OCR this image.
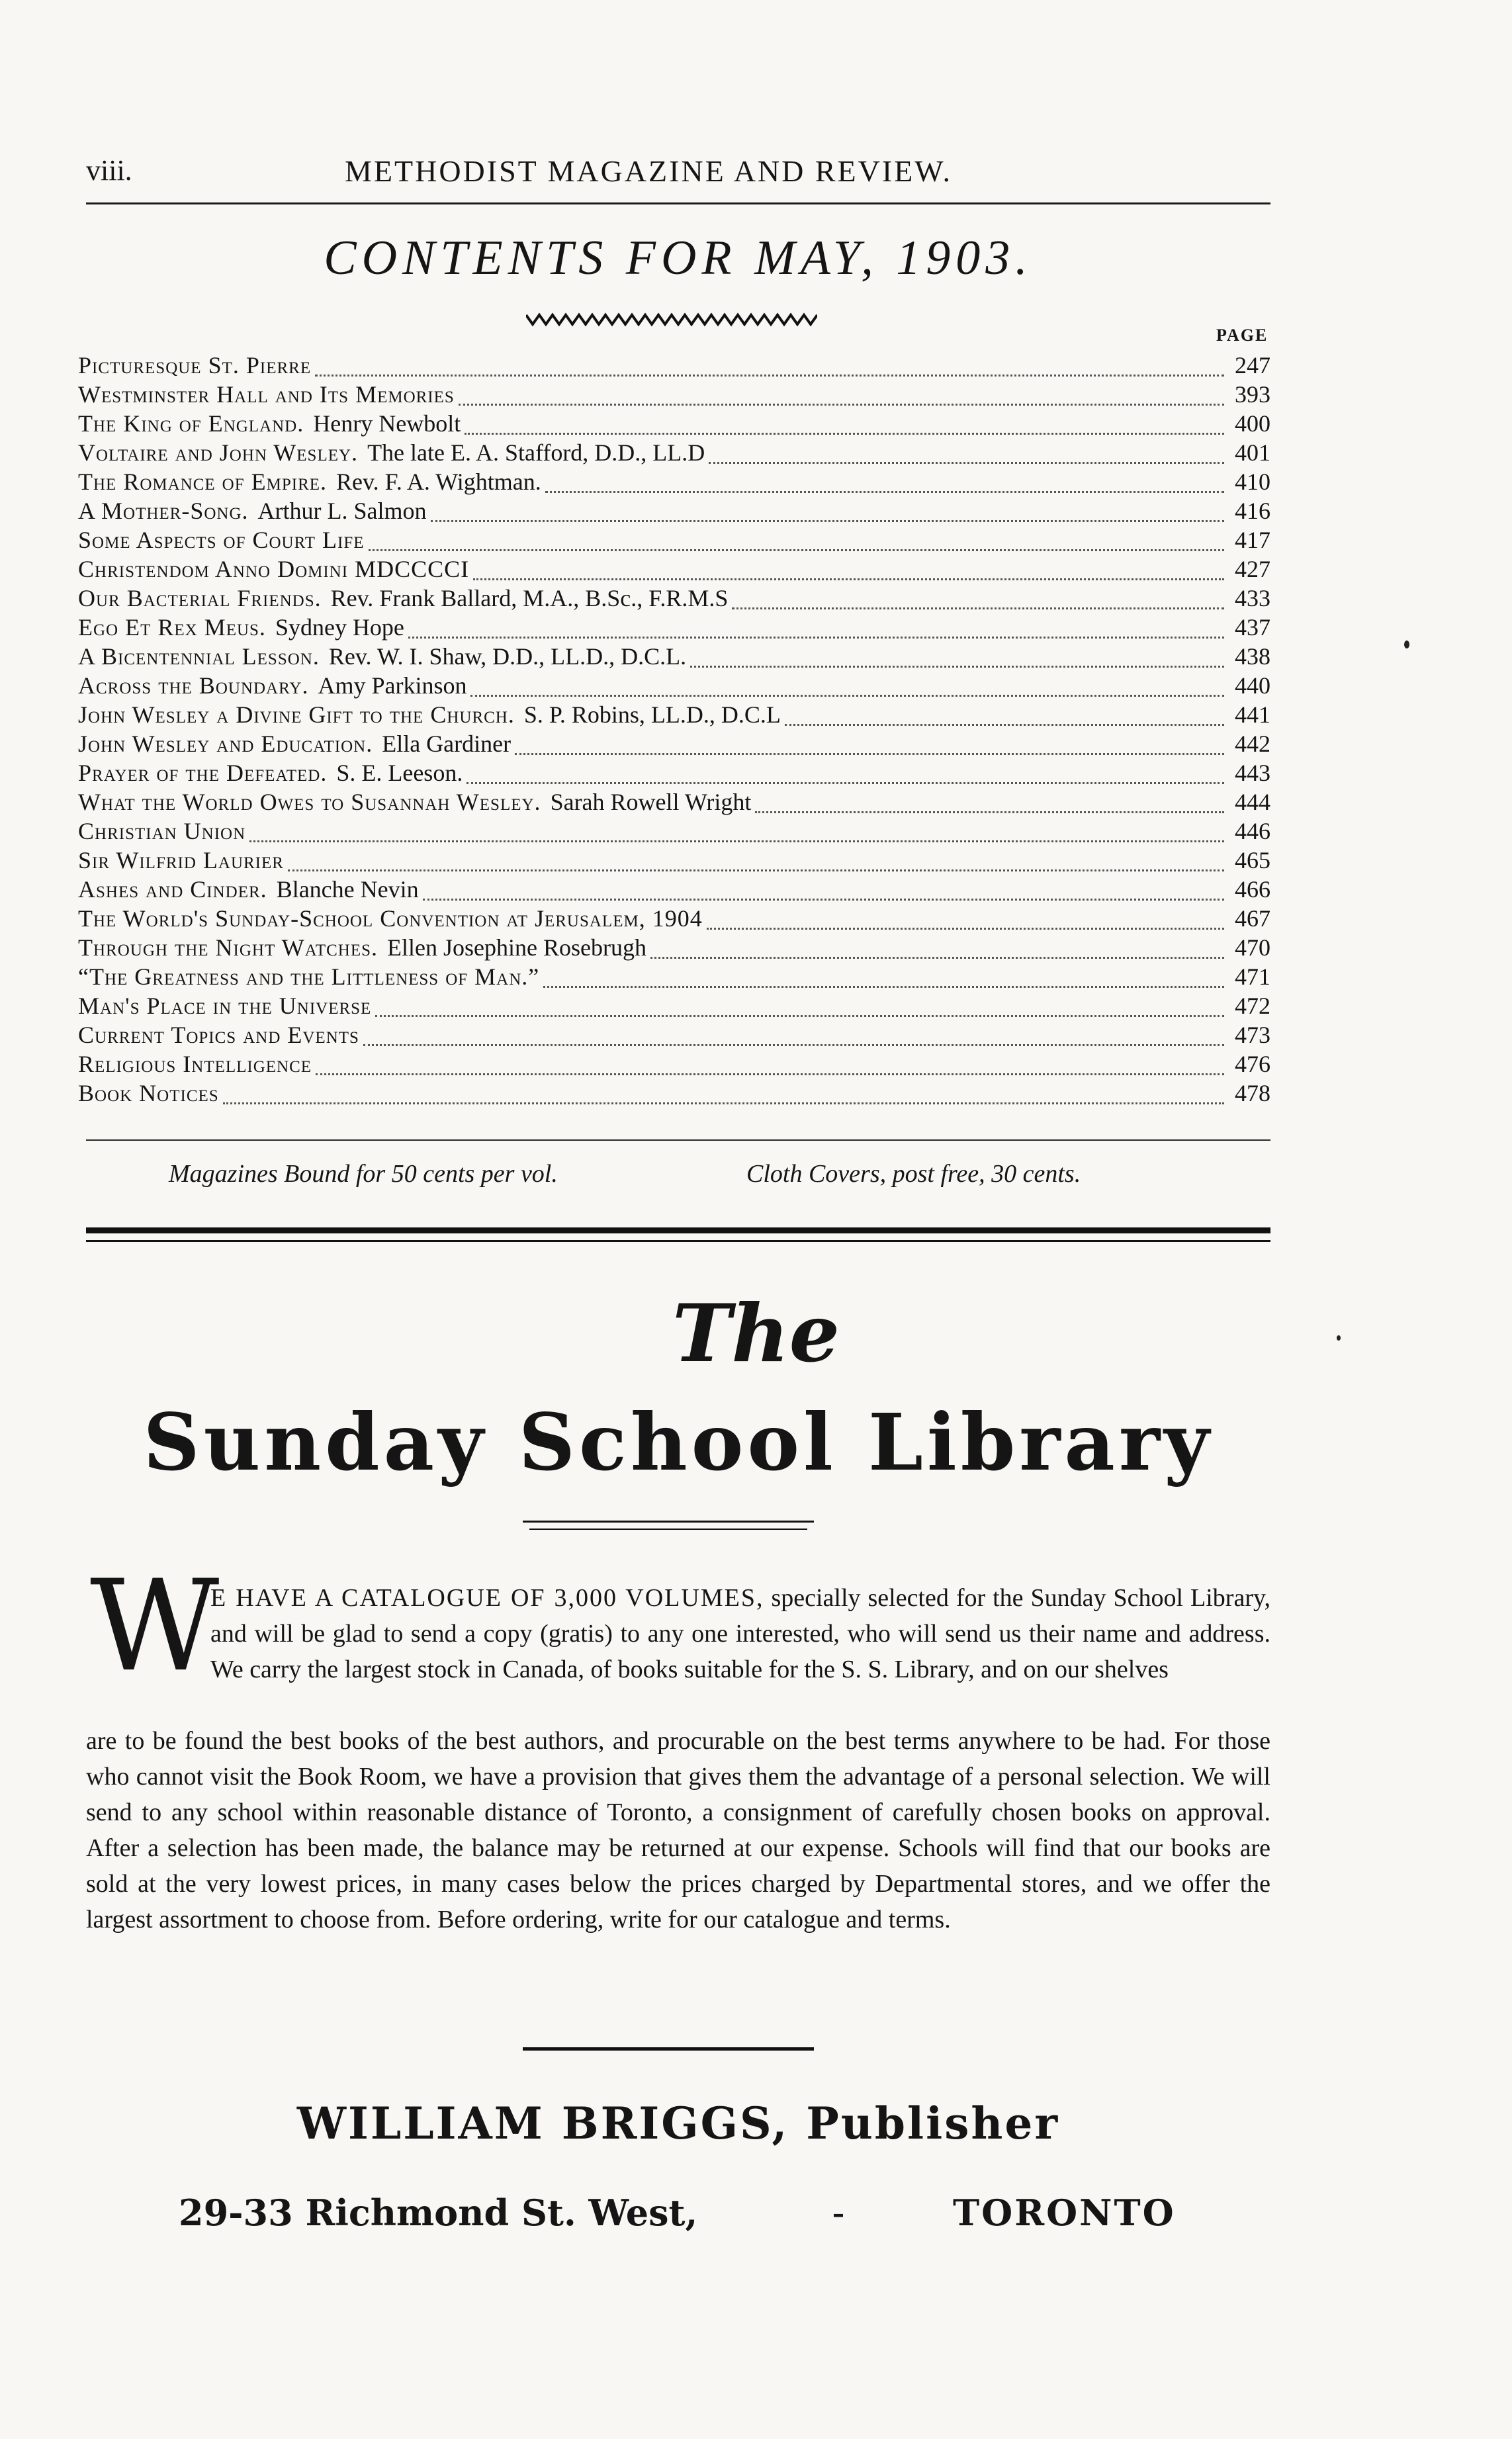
viii.	METHODIST MAGAZINE AND REVIEW.
CONTENTS FOR MAY, 1903.
PAGE
Picturesque St. Pierre	247
Westminster Hall and Its Memories	393
The King of England. Henry Newbolt	400
Voltaire and John Wesley. The late E. A. Stafford, D.D., LL.D	401
The Romance of Empire. Rev. F. A. Wightman.	410
A Mother-Song. Arthur L. Salmon	416
Some Aspects of Court Life	417
Christendom Anno Domini MDCCCCI	427
Our Bacterial Friends. Rev. Frank Ballard, M.A., B.Sc., F.R.M.S	433
Ego Et Rex Meus. Sydney Hope	437
A Bicentennial Lesson. Rev. W. I. Shaw, D.D., LL.D., D.C.L.	438
Across the Boundary. Amy Parkinson	440
John Wesley a Divine Gift to the Church. S. P. Robins, LL.D., D.C.L	441
John Wesley and Education. Ella Gardiner	442
Prayer of the Defeated. S. E. Leeson.	443
What the World Owes to Susannah Wesley. Sarah Rowell Wright	444
Christian Union	446
Sir Wilfrid Laurier	465
Ashes and Cinder. Blanche Nevin	466
The World's Sunday-School Convention at Jerusalem, 1904	467
Through the Night Watches. Ellen Josephine Rosebrugh	470
“The Greatness and the Littleness of Man.”	471
Man's Place in the Universe	472
Current Topics and Events	473
Religious Intelligence	476
Book Notices	478
Magazines Bound for 50 cents per vol.	Cloth Covers, post free, 30 cents.
The
Sunday School Library
W
E HAVE A CATALOGUE OF 3,000 VOLUMES, specially selected for the Sunday School Library, and will be glad to send a copy (gratis) to any one interested, who will send us their name and address. We carry the largest stock in Canada, of books suitable for the S. S. Library, and on our shelves
are to be found the best books of the best authors, and procurable on the best terms anywhere to be had. For those who cannot visit the Book Room, we have a provision that gives them the advantage of a personal selection. We will send to any school within reasonable distance of Toronto, a consignment of carefully chosen books on approval. After a selection has been made, the balance may be returned at our expense. Schools will find that our books are sold at the very lowest prices, in many cases below the prices charged by Departmental stores, and we offer the largest assortment to choose from. Before ordering, write for our catalogue and terms.
WILLIAM BRIGGS, Publisher
29-33 Richmond St. West,	-	TORONTO
